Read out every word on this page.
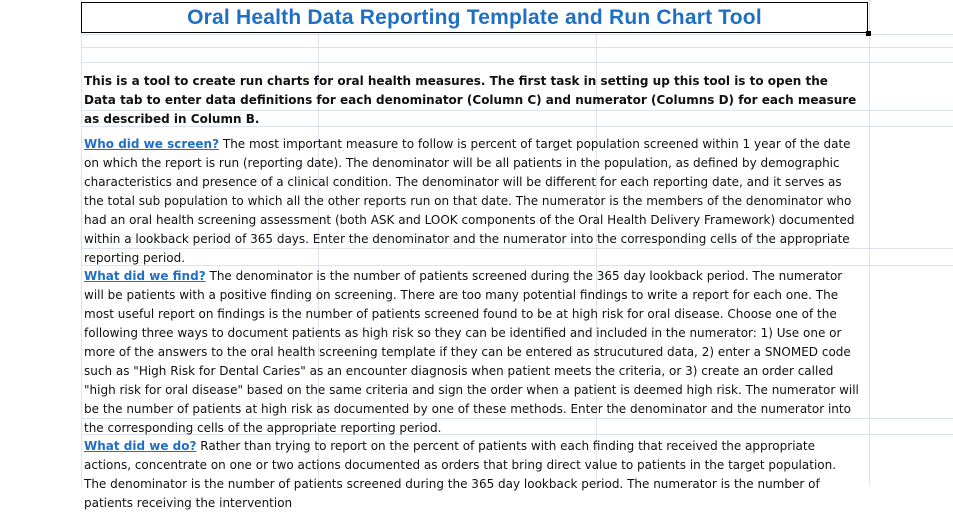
Oral Health Data Reporting Template and Run Chart Tool
This is a tool to create run charts for oral health measures. The first task in setting up this tool is to open the Data tab to enter data definitions for each denominator (Column C) and numerator (Columns D) for each measure as described in Column B.
Who did we screen? The most important measure to follow is percent of target population screened within 1 year of the date on which the report is run (reporting date). The denominator will be all patients in the population, as defined by demographic characteristics and presence of a clinical condition. The denominator will be different for each reporting date, and it serves as the total sub population to which all the other reports run on that date. The numerator is the members of the denominator who had an oral health screening assessment (both ASK and LOOK components of the Oral Health Delivery Framework) documented within a lookback period of 365 days. Enter the denominator and the numerator into the corresponding cells of the appropriate reporting period.
What did we find? The denominator is the number of patients screened during the 365 day lookback period. The numerator will be patients with a positive finding on screening. There are too many potential findings to write a report for each one. The most useful report on findings is the number of patients screened found to be at high risk for oral disease. Choose one of the following three ways to document patients as high risk so they can be identified and included in the numerator: 1) Use one or more of the answers to the oral health screening template if they can be entered as strucutured data, 2) enter a SNOMED code such as "High Risk for Dental Caries" as an encounter diagnosis when patient meets the criteria, or 3) create an order called "high risk for oral disease" based on the same criteria and sign the order when a patient is deemed high risk. The numerator will be the number of patients at high risk as documented by one of these methods. Enter the denominator and the numerator into the corresponding cells of the appropriate reporting period.
What did we do? Rather than trying to report on the percent of patients with each finding that received the appropriate actions, concentrate on one or two actions documented as orders that bring direct value to patients in the target population. The denominator is the number of patients screened during the 365 day lookback period. The numerator is the number of patients receiving the intervention
